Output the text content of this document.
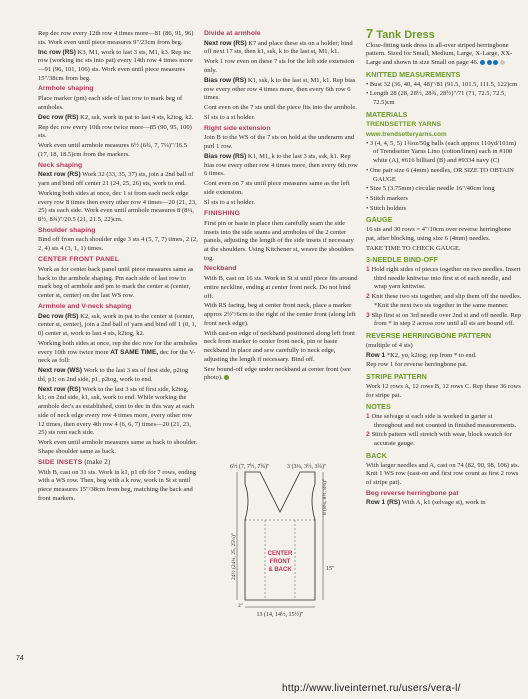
Rep dec row every 12th row 4 times more—81 (86, 91, 96) sts. Work even until piece measures 9"/23cm from beg.

Inc row (RS) K3, M1, work to last 3 sts, M1, k3. Rep inc row (working inc sts into pat) every 14th row 4 times more—91 (96, 101, 106) sts. Work even until piece measures 15"/38cm from beg.

Armhole shaping

Place marker (pm) each side of last row to mark beg of armholes.

Dec row (RS) K2, ssk, work in pat to last 4 sts, k2tog, k2.

Rep dec row every 10th row twice more—85 (90, 95, 100) sts.

Work even until armhole measures 6½ (6¾, 7, 7¼)"/16.5 (17, 18, 18.5)cm from the markers.

Neck shaping

Next row (RS) Work 32 (33, 35, 37) sts, join a 2nd ball of yarn and bind off center 21 (24, 25, 26) sts, work to end.

Working both sides at once, dec 1 st from each neck edge every row 8 times then every other row 4 times—20 (21, 23, 25) sts each side. Work even until armhole measures 8 (8¼, 8½, 8¾)"/20.5 (21, 21.5, 22)cm.

Shoulder shaping

Bind off from each shoulder edge 3 sts 4 (5, 7, 7) times, 2 (2, 2, 4) sts 4 (3, 1, 1) times.

CENTER FRONT PANEL

Work as for center back panel until piece measures same as back to the armhole shaping. Pm each side of last row to mark beg of armhole and pm to mark the center st (center, center st, center) on the last WS row.

Armhole and V-neck shaping

Dec row (RS) K2, ssk, work in pat to the center st (center, center st, center), join a 2nd ball of yarn and bind off 1 (0, 1, 0) center st, work to last 4 sts, k2tog, k2.

Working both sides at once, rep the dec row for the armholes every 10th row twice more AT SAME TIME, dec for the V-neck as foll:

Next row (WS) Work to the last 3 sts of first side, p2tog tbl, p1; on 2nd side, p1, p2tog, work to end.

Next row (RS) Work to the last 3 sts of first side, k2tog, k1; on 2nd side, k1, ssk, work to end. While working the armhole dec's as established, cont to dec in this way at each side of neck edge every row 4 times more, every other row 12 times, then every 4th row 4 (6, 6, 7) times—20 (21, 23, 25) sts rem each side.

Work even until armhole measures same as back to shoulder. Shape shoulder same as back.

SIDE INSETS (make 2)

With B, cast on 31 sts. Work in k1, p1 rib for 7 rows, ending with a WS row. Then, beg with a k row, work in St st until piece measures 15"/38cm from beg, matching the back and front markers.

Divide at armhole

Next row (RS) K7 and place these sts on a holder; bind off next 17 sts, then k1, ssk, k to the last st, M1, k1.

Work 1 row even on these 7 sts for the left side extension only.

Bias row (RS) K1, ssk, k to the last st, M1, k1. Rep bias row every other row 4 times more, then every 6th row 6 times.

Cont even on the 7 sts until the piece fits into the armhole.

Sl sts to a st holder.

Right side extension

Join B to the WS of the 7 sts on hold at the underarm and purl 1 row.

Bias row (RS) K1, M1, k to the last 3 sts, ssk, k1. Rep bias row every other row 4 times more, then every 6th row 6 times.

Cont even on 7 sts until piece measures same as the left side extension.

Sl sts to a st holder.

FINISHING

First pin or baste in place then carefully seam the side insets into the side seams and armholes of the 2 center panels, adjusting the length of the side insets if necessary at the shoulders. Using Kitchener st, weave the shoulders tog.

Neckband

With B, cast on 16 sts. Work in St st until piece fits around entire neckline, ending at center front neck. Do not bind off.

With RS facing, beg at center front neck, place a marker approx 2½"/6cm to the right of the center front (along left front neck edge).

With cast-on edge of neckband positioned along left front neck from marker to center front neck, pin or baste neckband in place and sew carefully to neck edge, adjusting the length if necessary. Bind off.

Sew bound-off edge under neckband at center front (see photo).

6½ (7, 7½, 7¾)"	3 (3¼, 3½, 3¾)"
24½ (24¾, 25, 25¼)"
8 (8¼, 8½, 8¾)"
15"
CENTER
FRONT
& BACK
2"
13 (14, 14½, 15½)"
7 Tank Dress

Close-fitting tank dress in all-over striped herringbone pattern. Sized for Small, Medium, Large, X-Large, XX-Large and shown in size Small on page 46.

KNITTED MEASUREMENTS
• Bust 32 (36, 40, 44, 48)"/81 (91.5, 101.5, 111.5, 122)cm
• Length 28 (28, 28½, 28¾, 28½)"/71 (71, 72.5, 72.5, 72.5)cm
MATERIALS
TRENDSETTER YARNS
www.trendsetteryarns.com
• 3 (4, 4, 5, 5) 1¾oz/50g balls (each approx 110yd/101m) of Trendsetter Yarns Lino (cotton/linen) each in #100 white (A), #616 billiard (B) and #9334 navy (C)
• One pair size 6 (4mm) needles, OR SIZE TO OBTAIN GAUGE
• Size 5 (3.75mm) circular needle 16"/40cm long
• Stitch markers
• Stitch holders
GAUGE

16 sts and 30 rows = 4"/10cm over reverse herringbone pat, after blocking, using size 6 (4mm) needles.

TAKE TIME TO CHECK GAUGE.

3-NEEDLE BIND-OFF
1 Hold right sides of pieces together on two needles. Insert third needle knitwise into first st of each needle, and wrap yarn knitwise.
2 Knit these two sts together, and slip them off the needles. *Knit the next two sts together in the same manner.
3 Slip first st on 3rd needle over 2nd st and off needle. Rep from * in step 2 across row until all sts are bound off.
REVERSE HERRINGBONE PATTERN

(multiple of 4 sts)

Row 1 *K2, yo, k2tog; rep from * to end.

Rep row 1 for reverse herringbone pat.

STRIPE PATTERN

Work 12 rows A, 12 rows B, 12 rows C. Rep these 36 rows for stripe pat.

NOTES
1 One selvage st each side is worked in garter st throughout and not counted in finished measurements.
2 Stitch pattern will stretch with wear, block swatch for accurate gauge.
BACK

With larger needles and A, cast on 74 (82, 90, 98, 106) sts. Knit 1 WS row (cast-on and first row count as first 2 rows of stripe pat).

Beg reverse herringbone pat

Row 1 (RS) With A, k1 (selvage st), work in

74
http://www.liveinternet.ru/users/vera-l/
